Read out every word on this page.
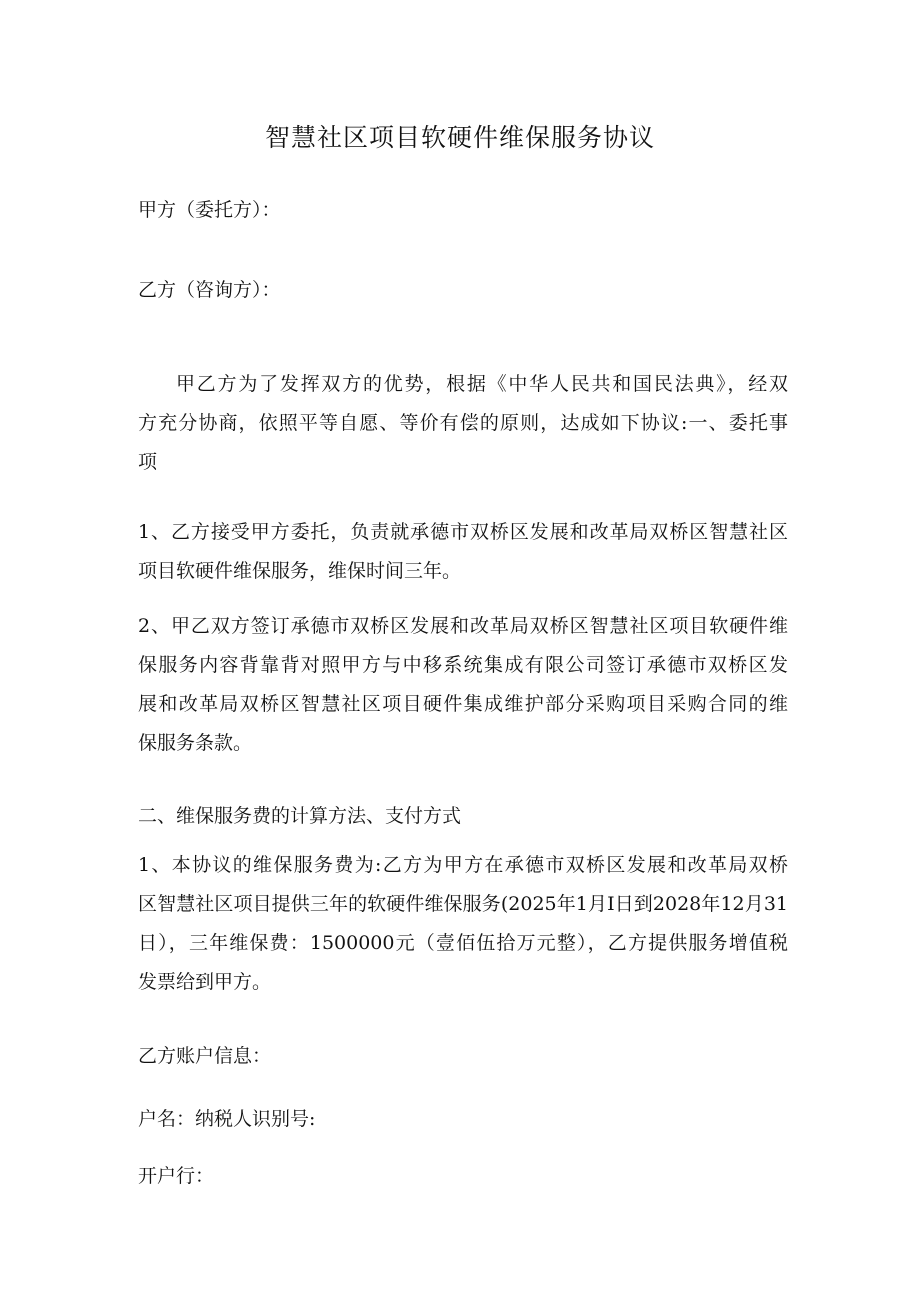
智慧社区项目软硬件维保服务协议
甲方（委托方）：
乙方（咨询方）：
甲乙方为了发挥双方的优势，根据《中华人民共和国民法典》，经双
方充分协商，依照平等自愿、等价有偿的原则，达成如下协议:一、委托事
项
1、乙方接受甲方委托，负责就承德市双桥区发展和改革局双桥区智慧社区
项目软硬件维保服务，维保时间三年。
2、甲乙双方签订承德市双桥区发展和改革局双桥区智慧社区项目软硬件维
保服务内容背靠背对照甲方与中移系统集成有限公司签订承德市双桥区发
展和改革局双桥区智慧社区项目硬件集成维护部分采购项目采购合同的维
保服务条款。
二、维保服务费的计算方法、支付方式
1、本协议的维保服务费为:乙方为甲方在承德市双桥区发展和改革局双桥
区智慧社区项目提供三年的软硬件维保服务(2025年1月I日到2028年12月31
日），三年维保费：1500000元（壹佰伍拾万元整），乙方提供服务增值税
发票给到甲方。
乙方账户信息：
户名：纳税人识别号:
开户行：
